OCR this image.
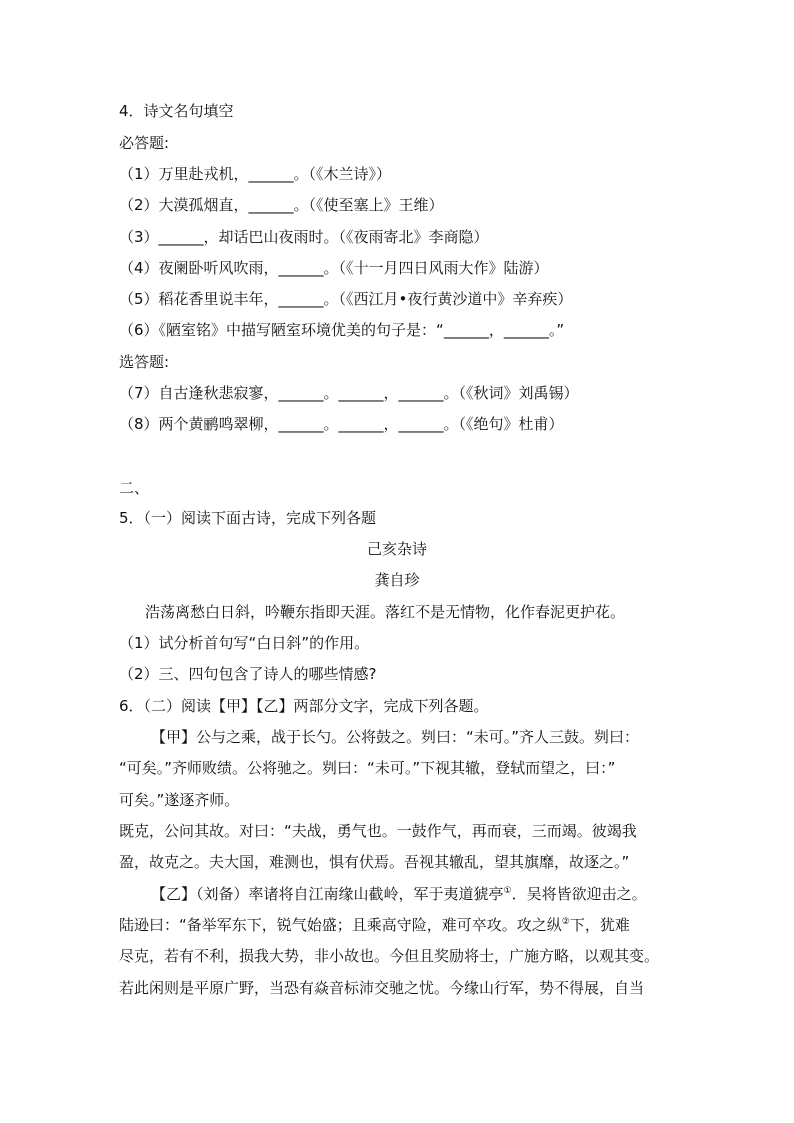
4．诗文名句填空
必答题:
（1）万里赴戎机，______。（《木兰诗》）
（2）大漠孤烟直，______。（《使至塞上》王维）
（3）______，却话巴山夜雨时。（《夜雨寄北》李商隐）
（4）夜阑卧听风吹雨，______。（《十一月四日风雨大作》陆游）
（5）稻花香里说丰年，______。（《西江月•夜行黄沙道中》辛弃疾）
（6）《陋室铭》中描写陋室环境优美的句子是：“______，______。”
选答题:
（7）自古逢秋悲寂寥，______。______，______。（《秋词》刘禹锡）
（8）两个黄鹂鸣翠柳，______。______，______。（《绝句》杜甫）
二、
5．（一）阅读下面古诗，完成下列各题
己亥杂诗
龚自珍
浩荡离愁白日斜，吟鞭东指即天涯。落红不是无情物，化作春泥更护花。
（1）试分析首句写“白日斜”的作用。
（2）三、四句包含了诗人的哪些情感?
6．（二）阅读【甲】【乙】两部分文字，完成下列各题。
【甲】公与之乘，战于长勺。公将鼓之。刿曰：“未可。”齐人三鼓。刿曰：
“可矣。”齐师败绩。公将驰之。刿曰：“未可。”下视其辙，登轼而望之，曰：”
可矣。”遂逐齐师。
既克，公问其故。对曰：“夫战，勇气也。一鼓作气，再而衰，三而竭。彼竭我
盈，故克之。夫大国，难测也，惧有伏焉。吾视其辙乱，望其旗靡，故逐之。”
【乙】（刘备）率诸将自江南缘山截岭，军于夷道猇亭①．吴将皆欲迎击之。
陆逊曰：“备举军东下，锐气始盛；且乘高守险，难可卒攻。攻之纵②下，犹难
尽克，若有不利，损我大势，非小故也。今但且奖励将士，广施方略，以观其变。
若此闲则是平原广野，当恐有焱音标沛交驰之忧。今缘山行军，势不得展，自当
